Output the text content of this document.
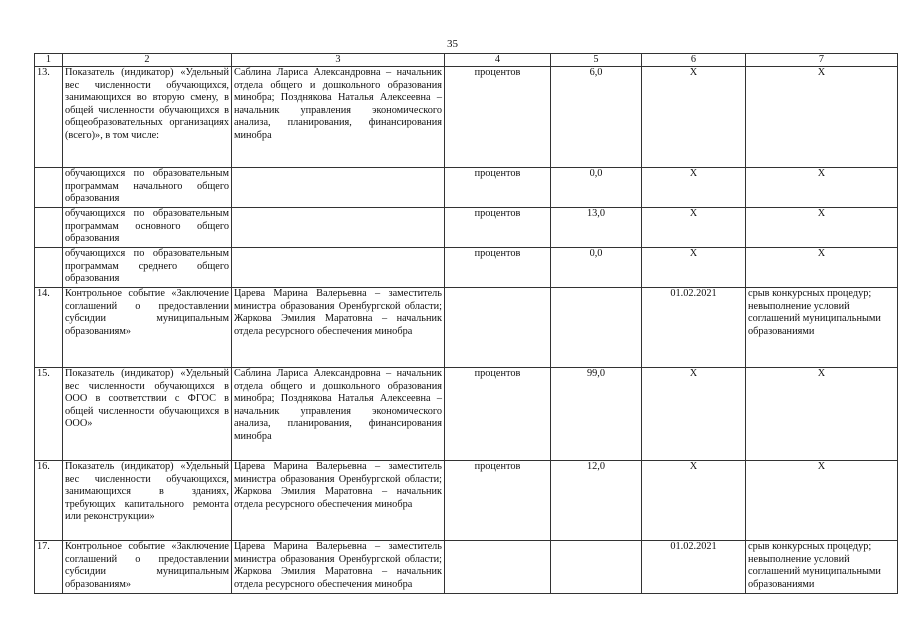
35
1	2	3	4	5	6	7
13.	Показатель (индикатор) «Удельный вес численности обучающихся, занимающихся во вторую смену, в общей численности обучающихся в общеобразовательных организациях (всего)», в том числе:	Саблина Лариса Александровна – начальник отдела общего и дошкольного образования минобра; Позднякова Наталья Алексеевна – начальник управления экономического анализа, планирования, финансирования минобра	процентов	6,0	Х	Х
	обучающихся по образовательным программам начального общего образования		процентов	0,0	Х	Х
	обучающихся по образовательным программам основного общего образования		процентов	13,0	Х	Х
	обучающихся по образовательным программам среднего общего образования		процентов	0,0	Х	Х
14.	Контрольное событие «Заключение соглашений о предоставлении субсидии муниципальным образованиям»	Царева Марина Валерьевна – заместитель министра образования Оренбургской области; Жаркова Эмилия Маратовна – начальник отдела ресурсного обеспечения минобра			01.02.2021	срыв конкурсных процедур; невыполнение условий соглашений муниципальными образованиями
15.	Показатель (индикатор) «Удельный вес численности обучающихся в ООО в соответствии с ФГОС в общей численности обучающихся в ООО»	Саблина Лариса Александровна – начальник отдела общего и дошкольного образования минобра; Позднякова Наталья Алексеевна – начальник управления экономического анализа, планирования, финансирования минобра	процентов	99,0	Х	Х
16.	Показатель (индикатор) «Удельный вес численности обучающихся, занимающихся в зданиях, требующих капитального ремонта или реконструкции»	Царева Марина Валерьевна – заместитель министра образования Оренбургской области; Жаркова Эмилия Маратовна – начальник отдела ресурсного обеспечения минобра	процентов	12,0	Х	Х
17.	Контрольное событие «Заключение соглашений о предоставлении субсидии муниципальным образованиям»	Царева Марина Валерьевна – заместитель министра образования Оренбургской области; Жаркова Эмилия Маратовна – начальник отдела ресурсного обеспечения минобра			01.02.2021	срыв конкурсных процедур; невыполнение условий соглашений муниципальными образованиями
